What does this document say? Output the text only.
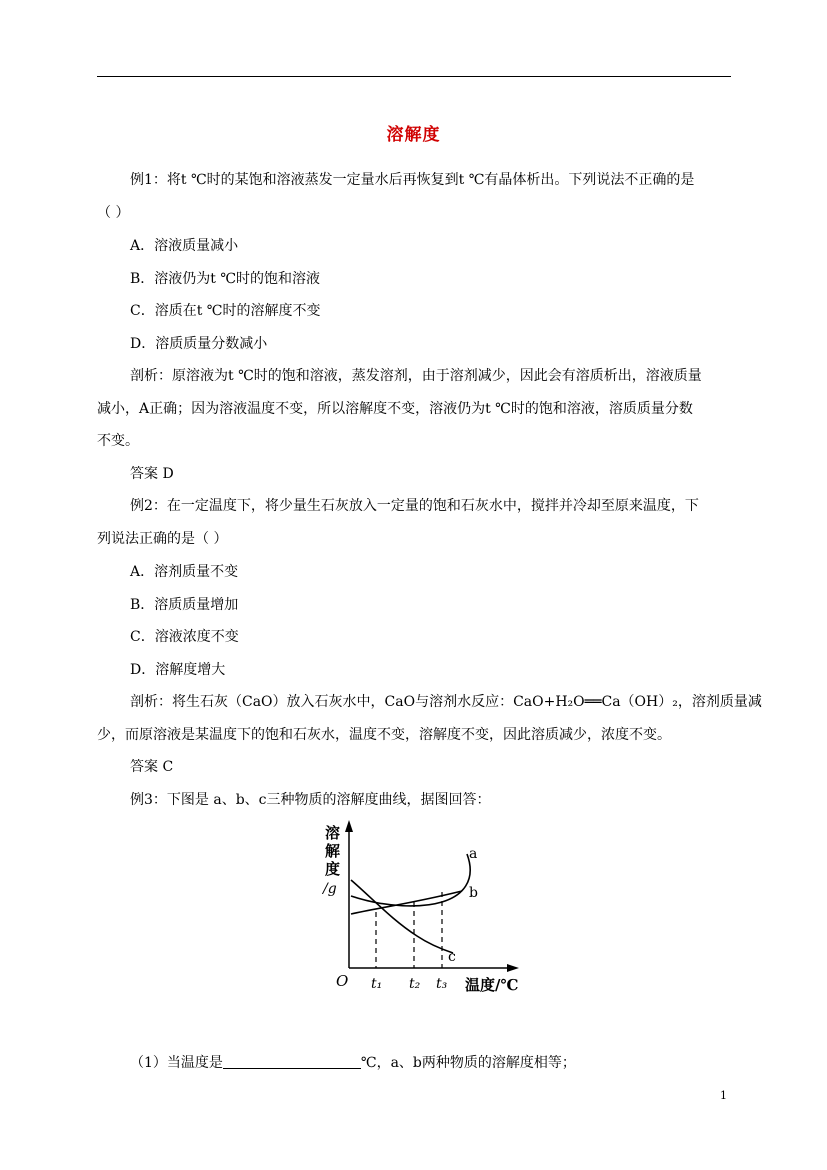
溶解度
例1：将t ℃时的某饱和溶液蒸发一定量水后再恢复到t ℃有晶体析出。下列说法不正确的是
（ ）
A．溶液质量减小
B．溶液仍为t ℃时的饱和溶液
C．溶质在t ℃时的溶解度不变
D．溶质质量分数减小
剖析：原溶液为t ℃时的饱和溶液，蒸发溶剂，由于溶剂减少，因此会有溶质析出，溶液质量
减小，A正确；因为溶液温度不变，所以溶解度不变，溶液仍为t ℃时的饱和溶液，溶质质量分数
不变。
答案 D
例2：在一定温度下，将少量生石灰放入一定量的饱和石灰水中，搅拌并冷却至原来温度，下
列说法正确的是（ ）
A．溶剂质量不变
B．溶质质量增加
C．溶液浓度不变
D．溶解度增大
剖析：将生石灰（CaO）放入石灰水中，CaO与溶剂水反应：CaO+H₂O══Ca（OH）₂，溶剂质量减
少，而原溶液是某温度下的饱和石灰水，温度不变，溶解度不变，因此溶质减少，浓度不变。
答案 C
例3：下图是 a、b、c三种物质的溶解度曲线，据图回答：
溶
解
度
/g
O
a
b
c
t₁ t₂ t₃ 温度/℃
（1）当温度是	℃，a、b两种物质的溶解度相等；
1
